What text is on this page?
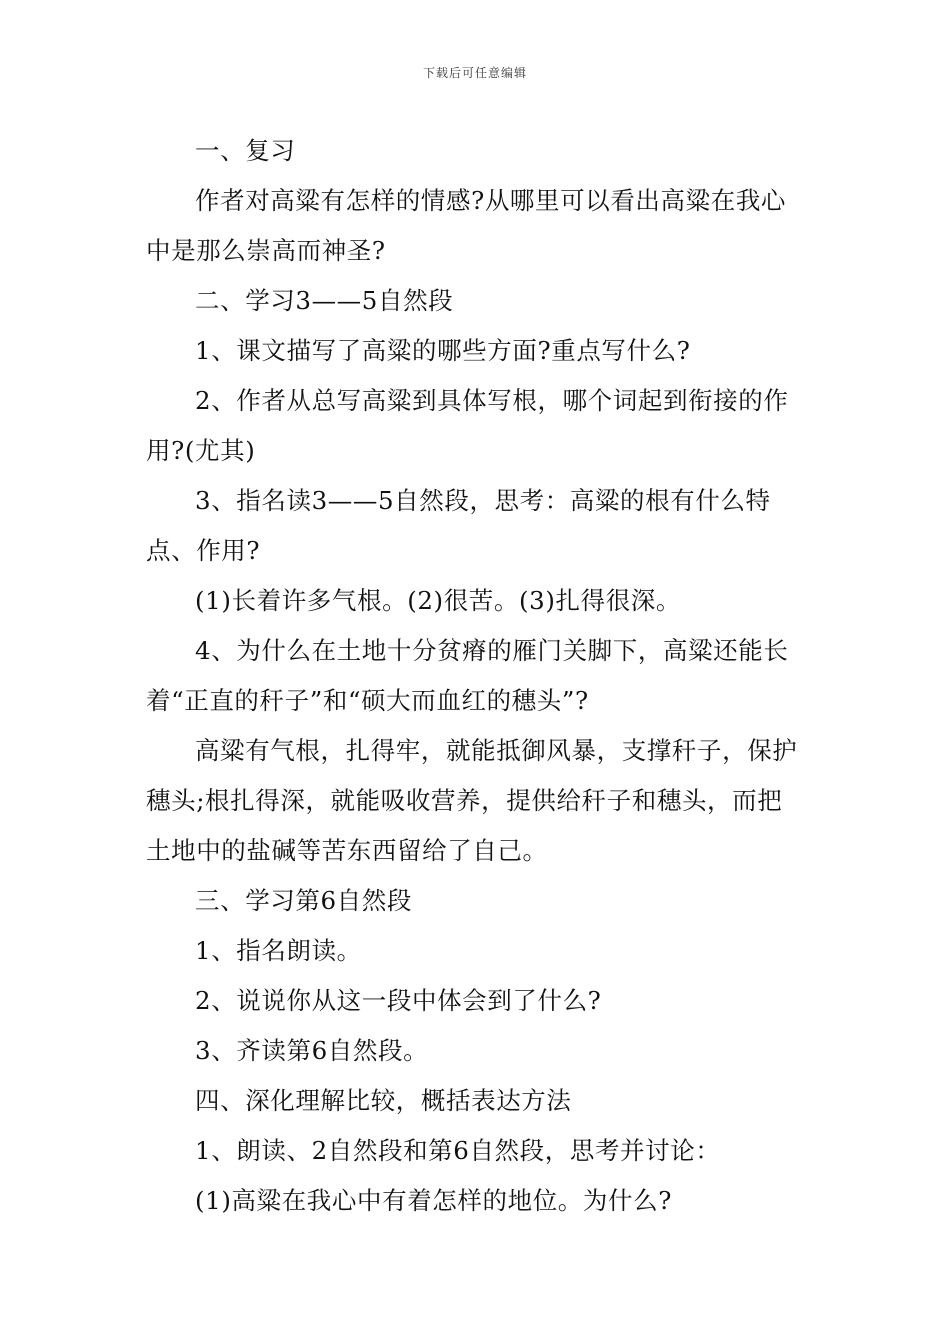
下载后可任意编辑

一、复习

作者对高粱有怎样的情感?从哪里可以看出高粱在我心中是那么崇高而神圣?

二、学习3——5自然段

1、课文描写了高粱的哪些方面?重点写什么?

2、作者从总写高粱到具体写根，哪个词起到衔接的作用?(尤其)

3、指名读3——5自然段，思考：高粱的根有什么特点、作用?

(1)长着许多气根。(2)很苦。(3)扎得很深。

4、为什么在土地十分贫瘠的雁门关脚下，高粱还能长着“正直的秆子”和“硕大而血红的穗头”?

高粱有气根，扎得牢，就能抵御风暴，支撑秆子，保护穗头;根扎得深，就能吸收营养，提供给秆子和穗头，而把土地中的盐碱等苦东西留给了自己。

三、学习第6自然段

1、指名朗读。

2、说说你从这一段中体会到了什么?

3、齐读第6自然段。

四、深化理解比较，概括表达方法

1、朗读、2自然段和第6自然段，思考并讨论：

(1)高粱在我心中有着怎样的地位。为什么?
